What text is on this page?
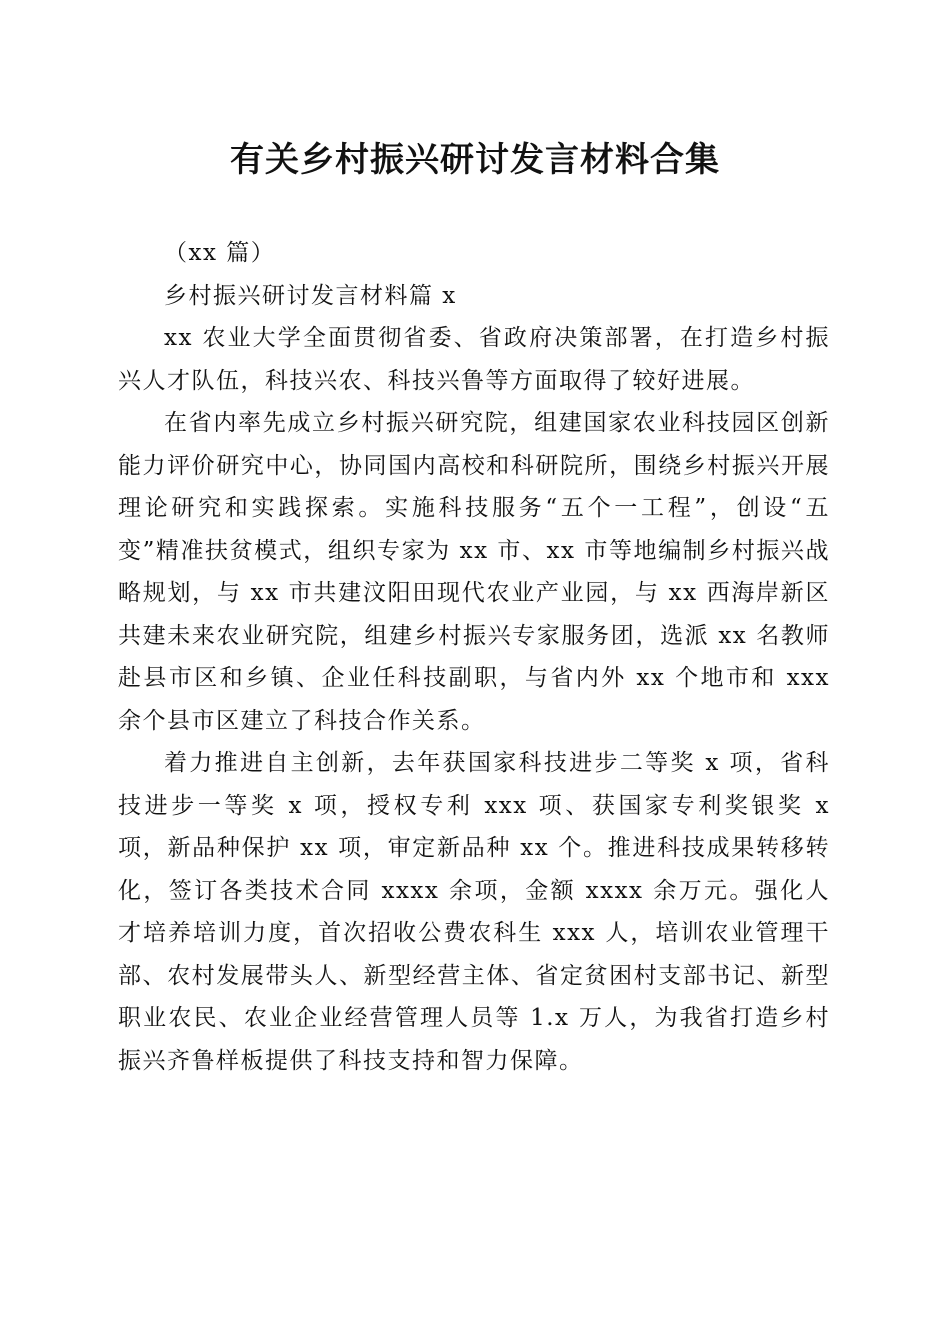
有关乡村振兴研讨发言材料合集

（xx 篇）

乡村振兴研讨发言材料篇 x

xx 农业大学全面贯彻省委、省政府决策部署，在打造乡村振兴人才队伍，科技兴农、科技兴鲁等方面取得了较好进展。

在省内率先成立乡村振兴研究院，组建国家农业科技园区创新能力评价研究中心，协同国内高校和科研院所，围绕乡村振兴开展理论研究和实践探索。实施科技服务“五个一工程”，创设“五变”精准扶贫模式，组织专家为 xx 市、xx 市等地编制乡村振兴战略规划，与 xx 市共建汶阳田现代农业产业园，与 xx 西海岸新区共建未来农业研究院，组建乡村振兴专家服务团，选派 xx 名教师赴县市区和乡镇、企业任科技副职，与省内外 xx 个地市和 xxx 余个县市区建立了科技合作关系。

着力推进自主创新，去年获国家科技进步二等奖 x 项，省科技进步一等奖 x 项，授权专利 xxx 项、获国家专利奖银奖 x 项，新品种保护 xx 项，审定新品种 xx 个。推进科技成果转移转化，签订各类技术合同 xxxx 余项，金额 xxxx 余万元。强化人才培养培训力度，首次招收公费农科生 xxx 人，培训农业管理干部、农村发展带头人、新型经营主体、省定贫困村支部书记、新型职业农民、农业企业经营管理人员等 1.x 万人，为我省打造乡村振兴齐鲁样板提供了科技支持和智力保障。
